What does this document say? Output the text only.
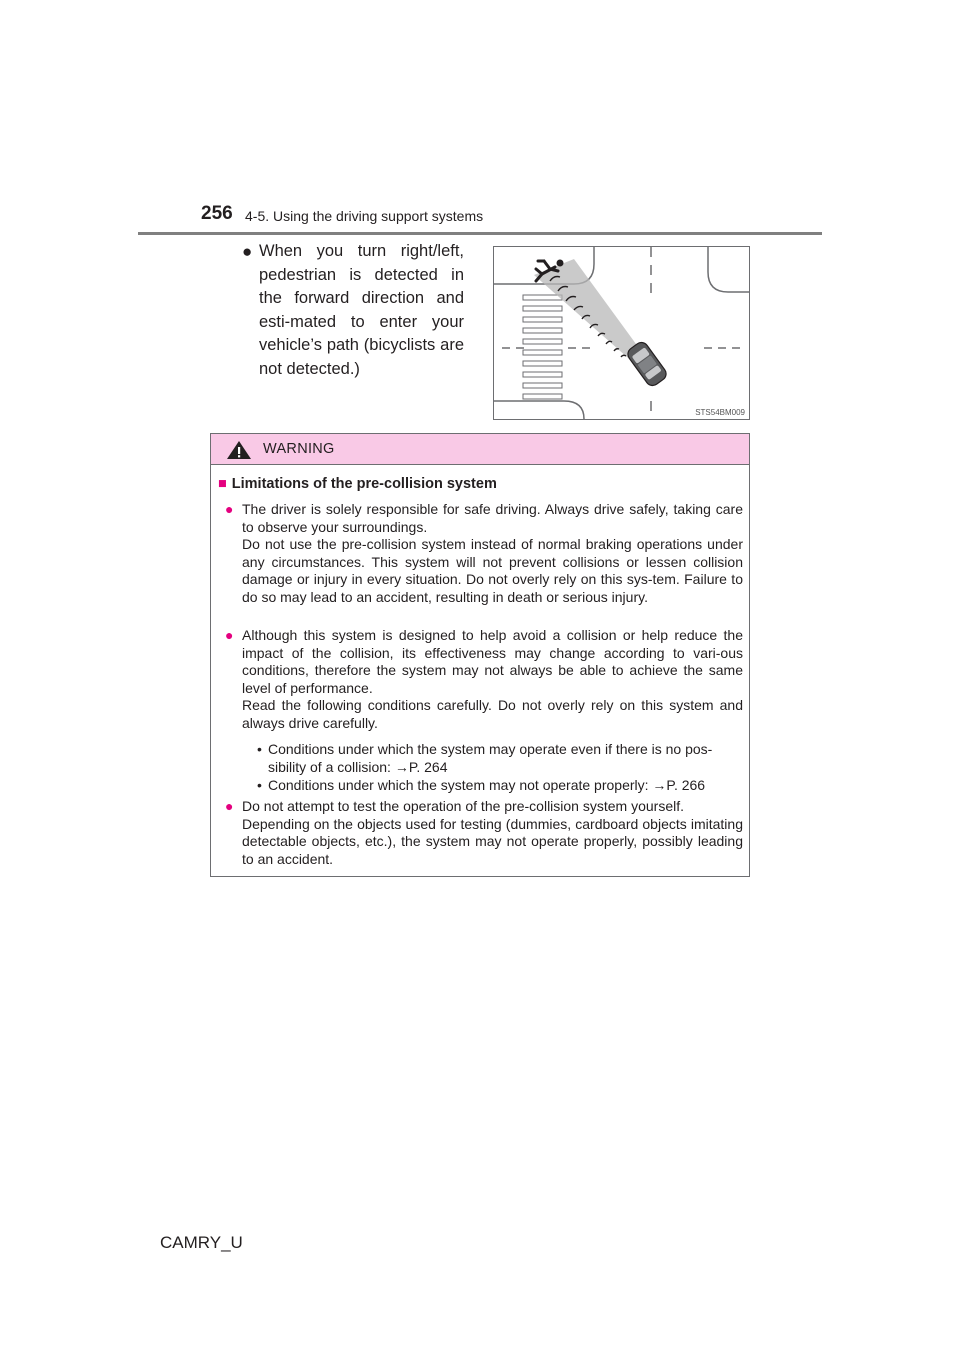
256 4-5. Using the driving support systems
● When you turn right/left, pedestrian is detected in the forward direction and esti-mated to enter your vehicle’s path (bicyclists are not detected.)
STS54BM009
WARNING
■ Limitations of the pre-collision system
● The driver is solely responsible for safe driving. Always drive safely, taking care to observe your surroundings.

Do not use the pre-collision system instead of normal braking operations under any circumstances. This system will not prevent collisions or lessen collision damage or injury in every situation. Do not overly rely on this sys-tem. Failure to do so may lead to an accident, resulting in death or serious injury.

● Although this system is designed to help avoid a collision or help reduce the impact of the collision, its effectiveness may change according to vari-ous conditions, therefore the system may not always be able to achieve the same level of performance.

Read the following conditions carefully. Do not overly rely on this system and always drive carefully.

• Conditions under which the system may operate even if there is no pos-sibility of a collision: →P. 264
• Conditions under which the system may not operate properly: →P. 266
● Do not attempt to test the operation of the pre-collision system yourself.

Depending on the objects used for testing (dummies, cardboard objects imitating detectable objects, etc.), the system may not operate properly, possibly leading to an accident.

CAMRY_U
